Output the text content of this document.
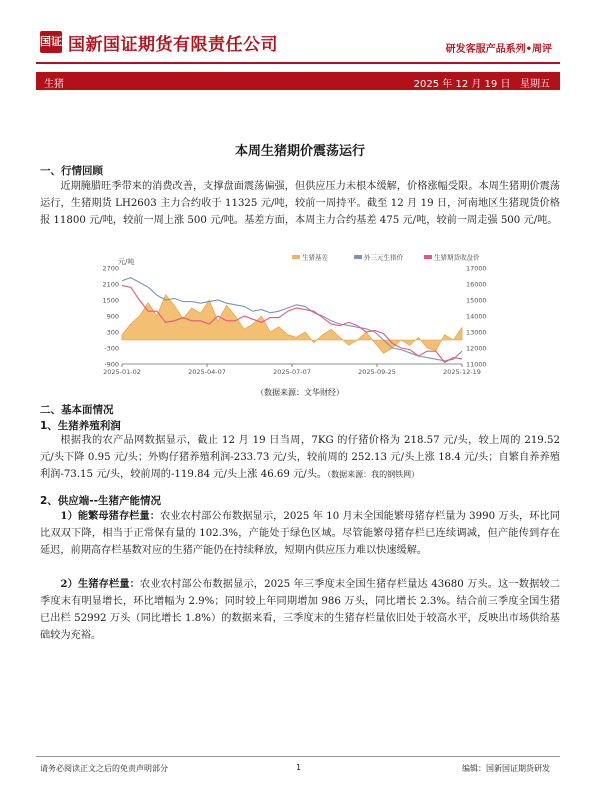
国证 国新国证期货有限责任公司	研发客服产品系列•周评
生猪	2025 年 12 月 19 日 星期五
本周生猪期价震荡运行
一、行情回顾
近期腌腊旺季带来的消费改善，支撑盘面震荡偏强，但供应压力未根本缓解，价格涨幅受限。本周生猪期价震荡运行，生猪期货 LH2603 主力合约收于 11325 元/吨，较前一周持平。截至 12 月 19 日，河南地区生猪现货价格报 11800 元/吨，较前一周上涨 500 元/吨。基差方面，本周主力合约基差 475 元/吨，较前一周走强 500 元/吨。
生猪基差	外三元生猪价	生猪期货收盘价
2700
2100
1500
900
300
-300
-900
17000
16000
15000
14000
13000
12000
11000
2025-01-02	2025-04-07	2025-07-07	2025-09-25	2025-12-19
元/吨
（数据来源：文华财经）
二、基本面情况
1、生猪养殖利润
根据我的农产品网数据显示，截止 12 月 19 日当周，7KG 的仔猪价格为 218.57 元/头，较上周的 219.52 元/头下降 0.95 元/头；外购仔猪养殖利润-233.73 元/头，较前周的 252.13 元/头上涨 18.4 元/头；自繁自养养殖利润-73.15 元/头，较前周的-119.84 元/头上涨 46.69 元/头。（数据来源：我的钢铁网）
2、供应端--生猪产能情况
1）能繁母猪存栏量：农业农村部公布数据显示，2025 年 10 月末全国能繁母猪存栏量为 3990 万头，环比同比双双下降，相当于正常保有量的 102.3%，产能处于绿色区域。尽管能繁母猪存栏已连续调减，但产能传到存在延迟，前期高存栏基数对应的生猪产能仍在持续释放，短期内供应压力难以快速缓解。
2）生猪存栏量：农业农村部公布数据显示，2025 年三季度末全国生猪存栏量达 43680 万头。这一数据较二季度末有明显增长，环比增幅为 2.9%；同时较上年同期增加 986 万头，同比增长 2.3%。结合前三季度全国生猪已出栏 52992 万头（同比增长 1.8%）的数据来看，三季度末的生猪存栏量依旧处于较高水平，反映出市场供给基础较为充裕。
请务必阅读正文之后的免责声明部分	1	编辑：国新国证期货研发
